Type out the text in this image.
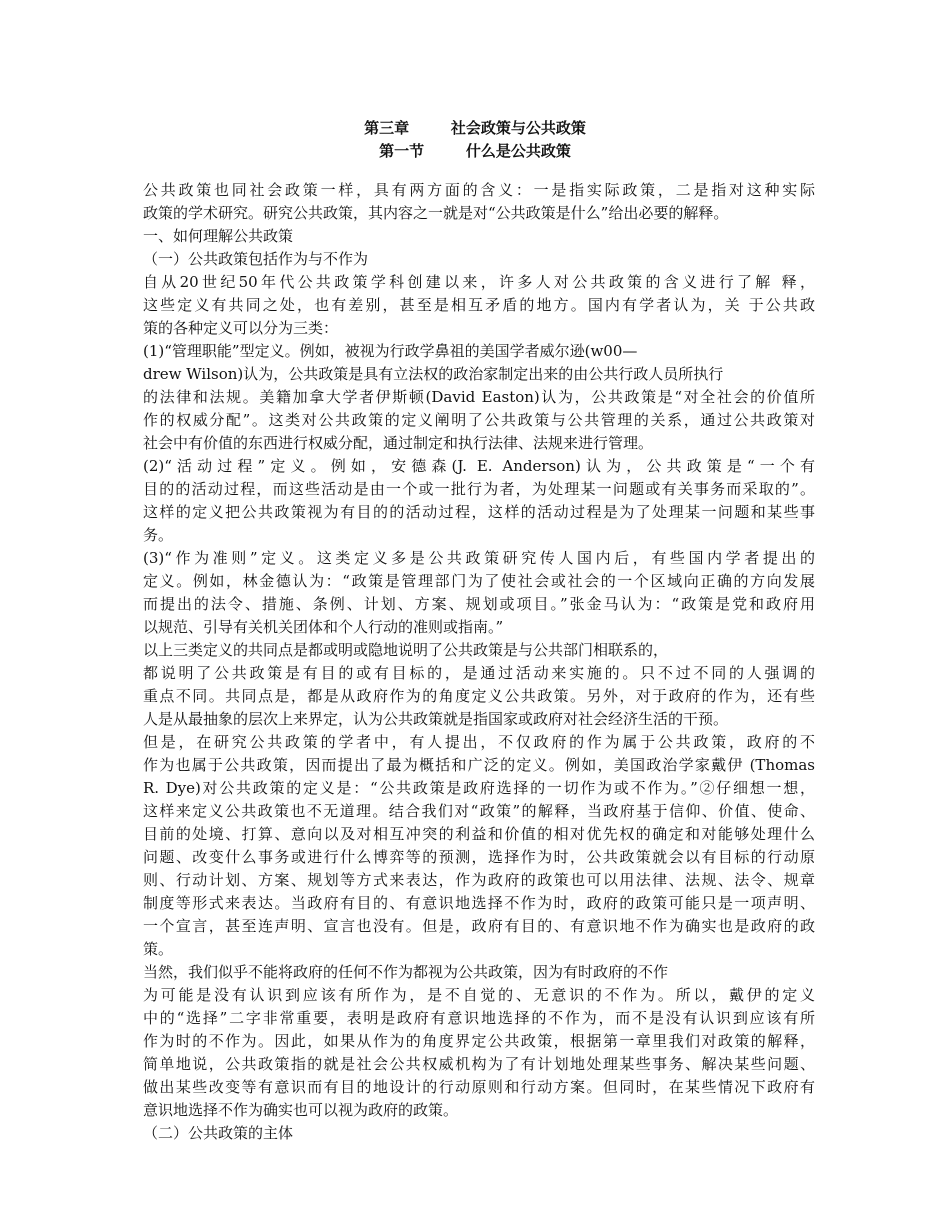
第三章        社会政策与公共政策
第一节        什么是公共政策
公共政策也同社会政策一样，具有两方面的含义：一是指实际政策，二是指对这种实际
政策的学术研究。研究公共政策，其内容之一就是对“公共政策是什么”给出必要的解释。
一、如何理解公共政策
（一）公共政策包括作为与不作为
自从20世纪50年代公共政策学科创建以来，许多人对公共政策的含义进行了解 释，
这些定义有共同之处，也有差别，甚至是相互矛盾的地方。国内有学者认为，关 于公共政
策的各种定义可以分为三类：
(1)“管理职能”型定义。例如，被视为行政学鼻祖的美国学者威尔逊(w00—
drew Wilson)认为，公共政策是具有立法权的政治家制定出来的由公共行政人员所执行
的法律和法规。美籍加拿大学者伊斯顿(David Easton)认为，公共政策是“对全社会的价值所
作的权威分配”。这类对公共政策的定义阐明了公共政策与公共管理的关系，通过公共政策对
社会中有价值的东西进行权威分配，通过制定和执行法律、法规来进行管理。
(2)“活动过程”定义。例如，安德森(J. E. Anderson)认为，公共政策是“一个有
目的的活动过程，而这些活动是由一个或一批行为者，为处理某一问题或有关事务而采取的”。
这样的定义把公共政策视为有目的的活动过程，这样的活动过程是为了处理某一问题和某些事
务。
(3)“作为准则”定义。这类定义多是公共政策研究传人国内后，有些国内学者提出的
定义。例如，林金德认为：“政策是管理部门为了使社会或社会的一个区域向正确的方向发展
而提出的法令、措施、条例、计划、方案、规划或项目。”张金马认为：“政策是党和政府用
以规范、引导有关机关团体和个人行动的准则或指南。”
以上三类定义的共同点是都或明或隐地说明了公共政策是与公共部门相联系的，
都说明了公共政策是有目的或有目标的，是通过活动来实施的。只不过不同的人强调的
重点不同。共同点是，都是从政府作为的角度定义公共政策。另外，对于政府的作为，还有些
人是从最抽象的层次上来界定，认为公共政策就是指国家或政府对社会经济生活的干预。
但是，在研究公共政策的学者中，有人提出，不仅政府的作为属于公共政策，政府的不
作为也属于公共政策，因而提出了最为概括和广泛的定义。例如，美国政治学家戴伊 (Thomas
R. Dye)对公共政策的定义是：“公共政策是政府选择的一切作为或不作为。”②仔细想一想，
这样来定义公共政策也不无道理。结合我们对“政策”的解释，当政府基于信仰、价值、使命、
目前的处境、打算、意向以及对相互冲突的利益和价值的相对优先权的确定和对能够处理什么
问题、改变什么事务或进行什么博弈等的预测，选择作为时，公共政策就会以有目标的行动原
则、行动计划、方案、规划等方式来表达，作为政府的政策也可以用法律、法规、法令、规章
制度等形式来表达。当政府有目的、有意识地选择不作为时，政府的政策可能只是一项声明、
一个宣言，甚至连声明、宣言也没有。但是，政府有目的、有意识地不作为确实也是政府的政
策。
当然，我们似乎不能将政府的任何不作为都视为公共政策，因为有时政府的不作
为可能是没有认识到应该有所作为，是不自觉的、无意识的不作为。所以，戴伊的定义
中的“选择”二字非常重要，表明是政府有意识地选择的不作为，而不是没有认识到应该有所
作为时的不作为。因此，如果从作为的角度界定公共政策，根据第一章里我们对政策的解释，
简单地说，公共政策指的就是社会公共权威机构为了有计划地处理某些事务、解决某些问题、
做出某些改变等有意识而有目的地设计的行动原则和行动方案。但同时，在某些情况下政府有
意识地选择不作为确实也可以视为政府的政策。
（二）公共政策的主体
